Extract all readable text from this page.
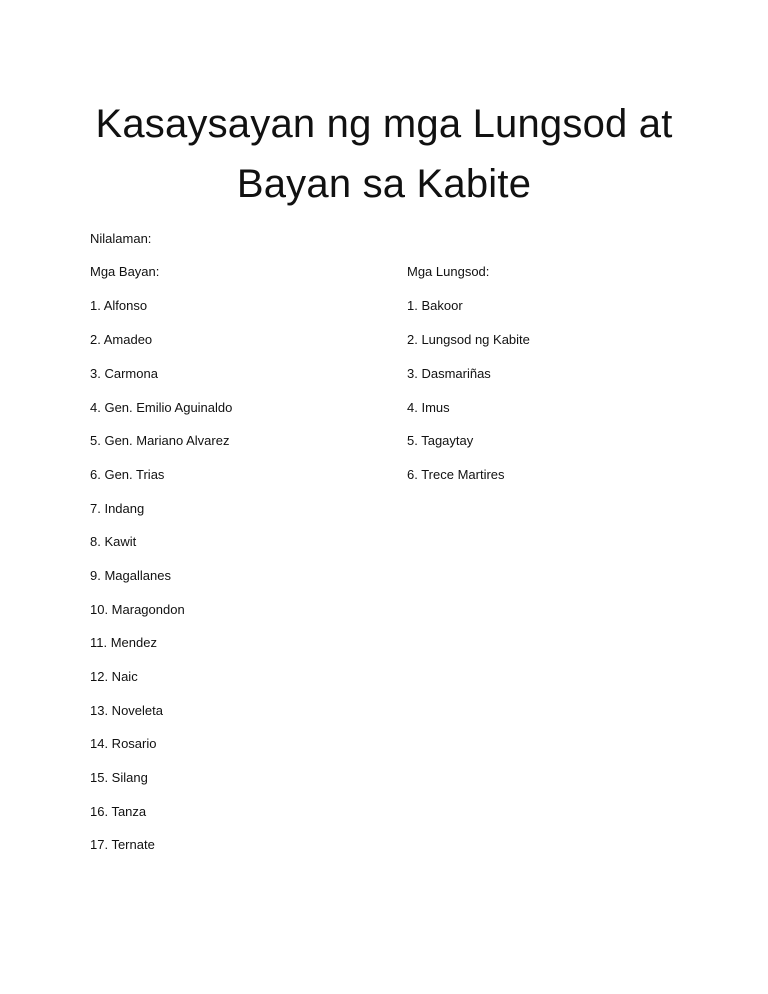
Kasaysayan ng mga Lungsod at
Bayan sa Kabite

Nilalaman:

Mga Bayan:	Mga Lungsod:

1. Alfonso

2. Amadeo

3. Carmona

4. Gen. Emilio Aguinaldo

5. Gen. Mariano Alvarez

6. Gen. Trias

7. Indang

8. Kawit

9. Magallanes

10. Maragondon

11. Mendez

12. Naic

13. Noveleta

14. Rosario

15. Silang

16. Tanza

17. Ternate

1. Bakoor

2. Lungsod ng Kabite

3. Dasmariñas

4. Imus

5. Tagaytay

6. Trece Martires
